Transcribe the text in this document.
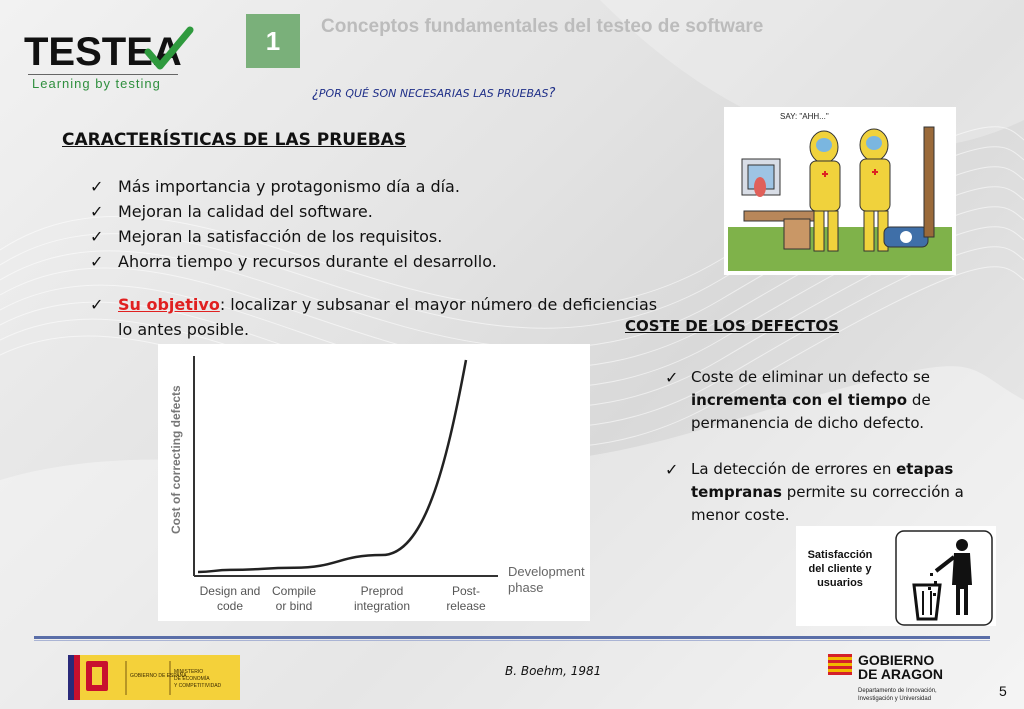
TESTEA
Learning by testing
1	Conceptos fundamentales del testeo de software
¿POR QUÉ SON NECESARIAS LAS PRUEBAS?
CARACTERÍSTICAS DE LAS PRUEBAS
✓ Más importancia y protagonismo día a día.
✓ Mejoran la calidad del software.
✓ Mejoran la satisfacción de los requisitos.
✓ Ahorra tiempo y recursos durante el desarrollo.
✓ Su objetivo: localizar y subsanar el mayor número de deficiencias
lo antes posible.
SAY: "AHH..."
Cost of correcting defects
Design and
code
Compile
or bind
Preprod
integration
Post-
release
Development
phase
COSTE DE LOS DEFECTOS
✓ Coste de eliminar un defecto se incrementa con el tiempo de permanencia de dicho defecto.
✓ La detección de errores en etapas tempranas permite su corrección a menor coste.
Satisfacción
del cliente y
usuarios
GOBIERNO DE ESPAÑA
MINISTERIO
DE ECONOMÍA
Y COMPETITIVIDAD
B. Boehm, 1981
GOBIERNO
DE ARAGON
Departamento de Innovación,
Investigación y Universidad	5
